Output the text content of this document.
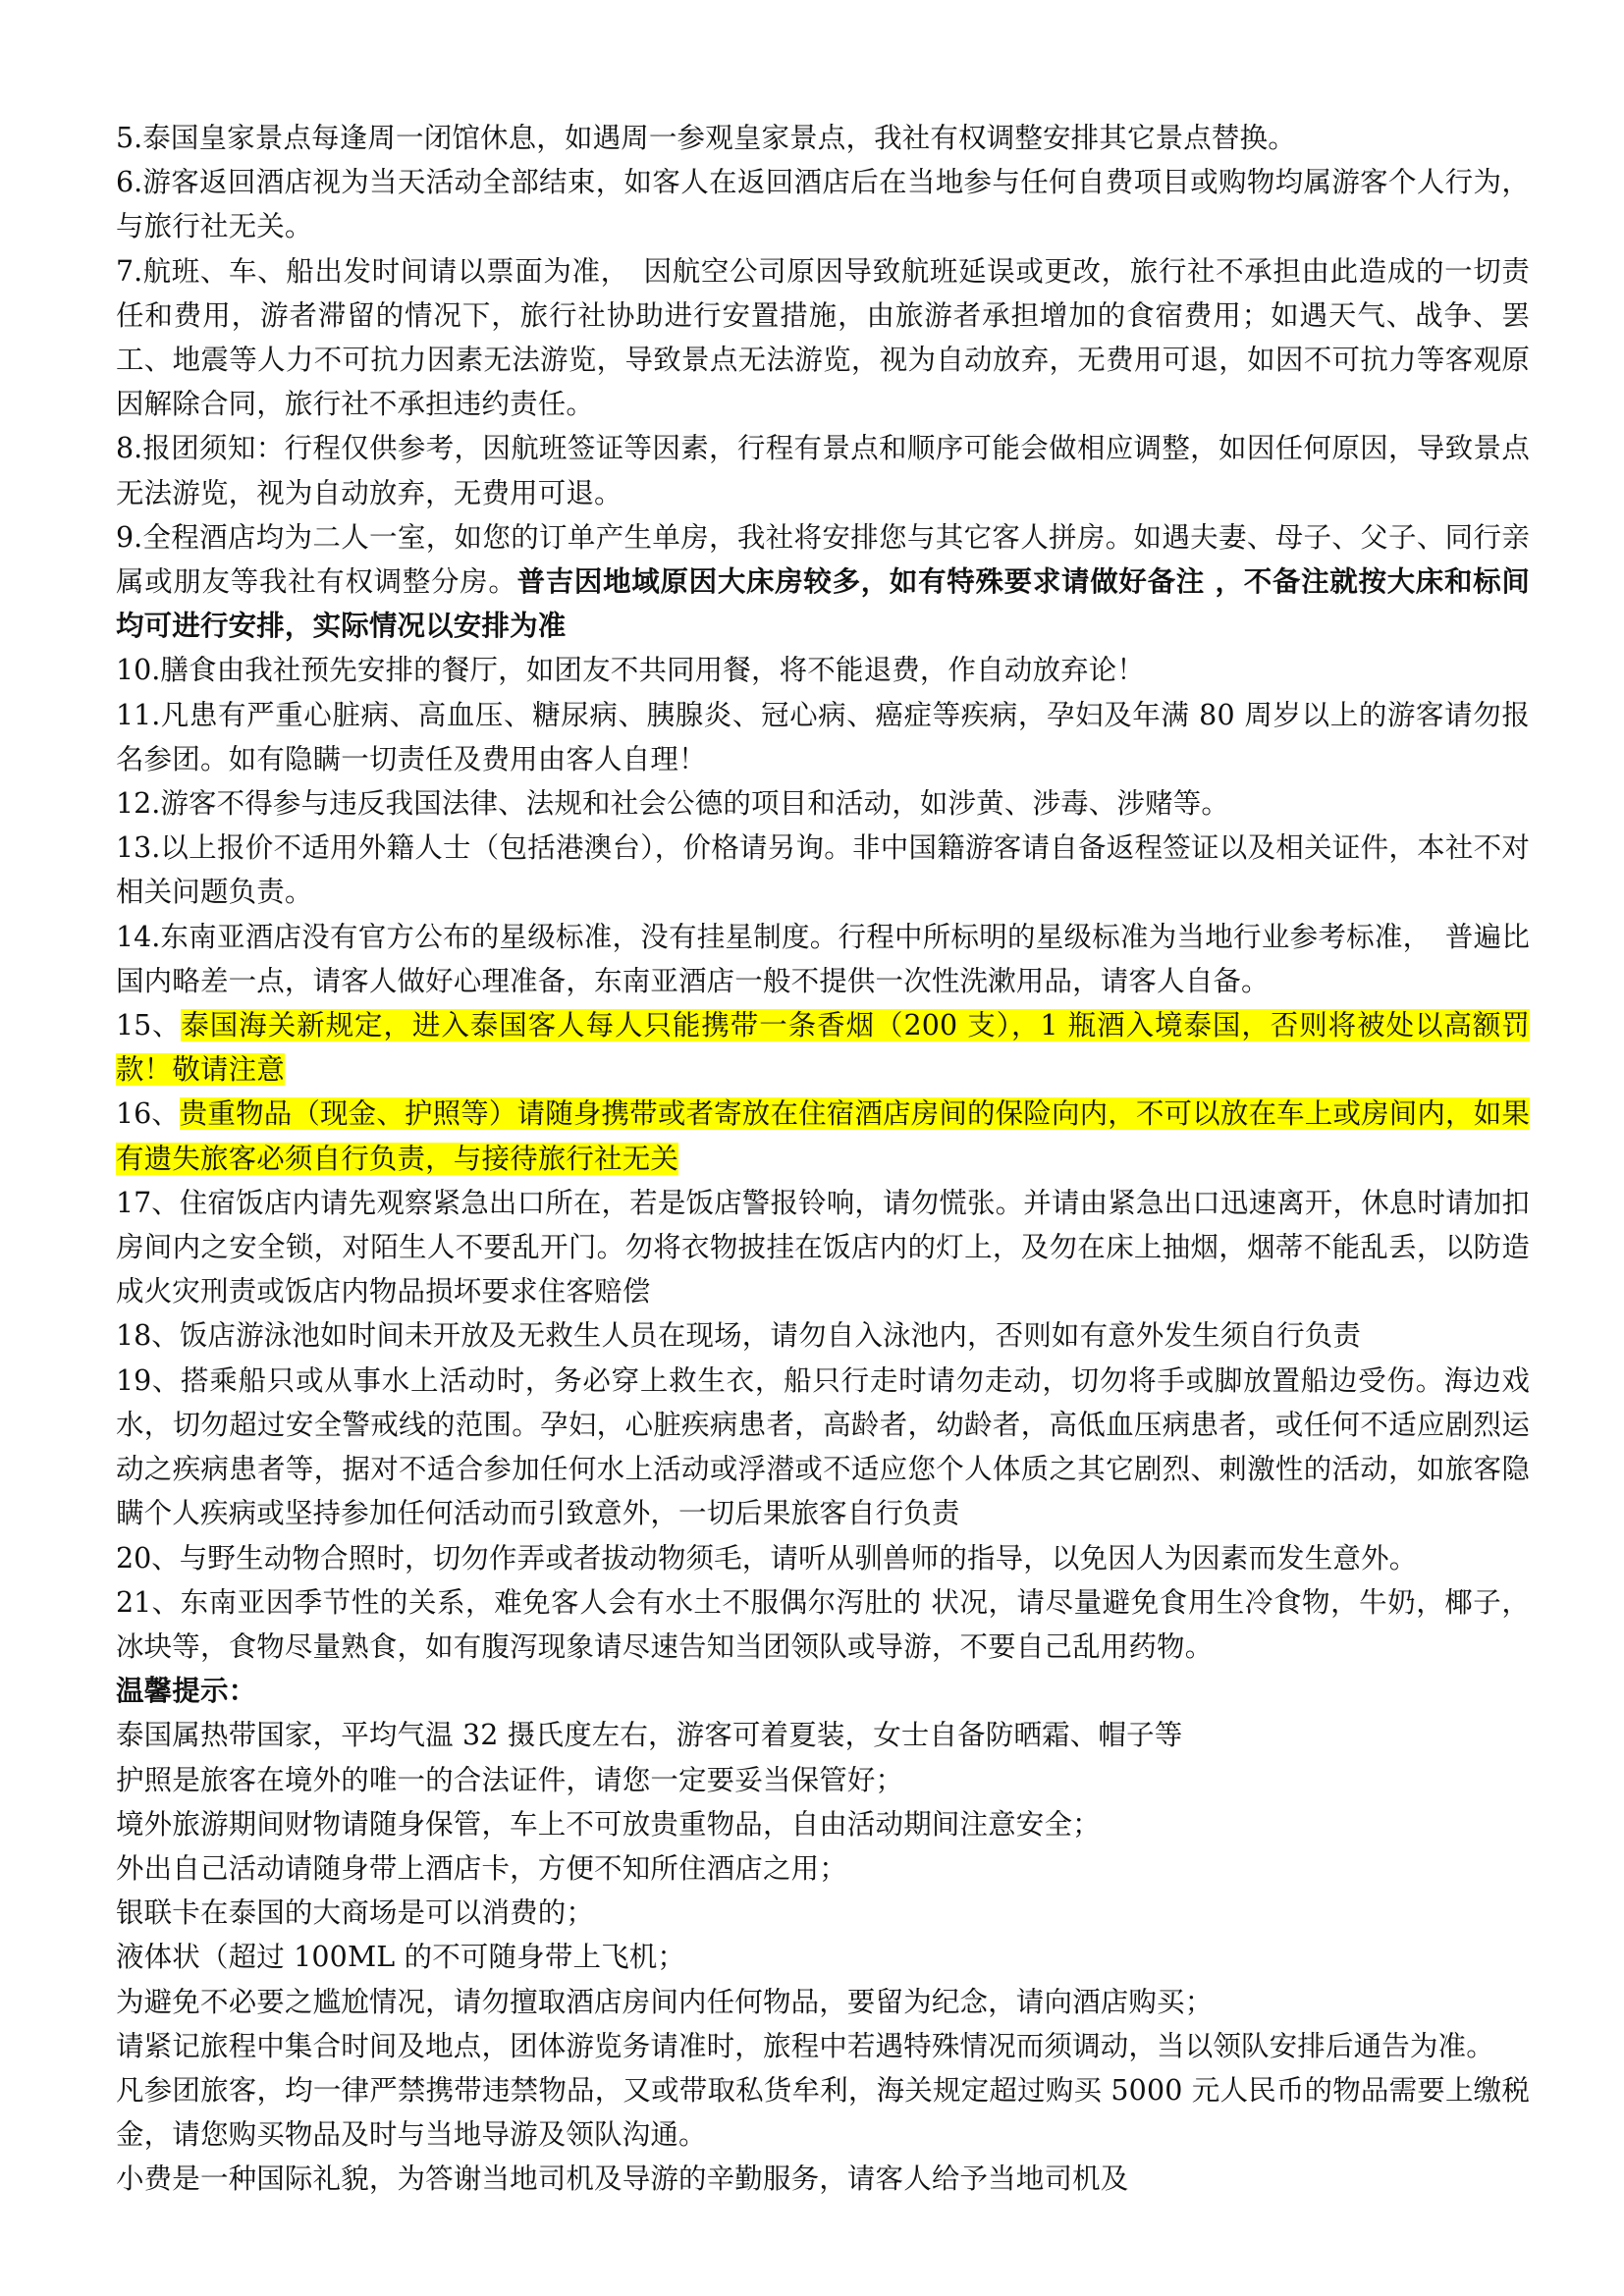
5.泰国皇家景点每逢周一闭馆休息，如遇周一参观皇家景点，我社有权调整安排其它景点替换。

6.游客返回酒店视为当天活动全部结束，如客人在返回酒店后在当地参与任何自费项目或购物均属游客个人行为，与旅行社无关。

7.航班、车、船出发时间请以票面为准，　因航空公司原因导致航班延误或更改，旅行社不承担由此造成的一切责任和费用，游者滞留的情况下，旅行社协助进行安置措施，由旅游者承担增加的食宿费用；如遇天气、战争、罢工、地震等人力不可抗力因素无法游览，导致景点无法游览，视为自动放弃，无费用可退，如因不可抗力等客观原因解除合同，旅行社不承担违约责任。

8.报团须知：行程仅供参考，因航班签证等因素，行程有景点和顺序可能会做相应调整，如因任何原因，导致景点无法游览，视为自动放弃，无费用可退。

9.全程酒店均为二人一室，如您的订单产生单房，我社将安排您与其它客人拼房。如遇夫妻、母子、父子、同行亲属或朋友等我社有权调整分房。普吉因地域原因大床房较多，如有特殊要求请做好备注 ，不备注就按大床和标间均可进行安排，实际情况以安排为准

10.膳食由我社预先安排的餐厅，如团友不共同用餐，将不能退费，作自动放弃论！

11.凡患有严重心脏病、高血压、糖尿病、胰腺炎、冠心病、癌症等疾病，孕妇及年满 80 周岁以上的游客请勿报名参团。如有隐瞒一切责任及费用由客人自理！

12.游客不得参与违反我国法律、法规和社会公德的项目和活动，如涉黄、涉毒、涉赌等。

13.以上报价不适用外籍人士（包括港澳台），价格请另询。非中国籍游客请自备返程签证以及相关证件，本社不对相关问题负责。

14.东南亚酒店没有官方公布的星级标准，没有挂星制度。行程中所标明的星级标准为当地行业参考标准，　普遍比国内略差一点，请客人做好心理准备，东南亚酒店一般不提供一次性洗漱用品，请客人自备。

15、泰国海关新规定，进入泰国客人每人只能携带一条香烟（200 支），1 瓶酒入境泰国，否则将被处以高额罚款！敬请注意

16、贵重物品（现金、护照等）请随身携带或者寄放在住宿酒店房间的保险向内，不可以放在车上或房间内，如果有遗失旅客必须自行负责，与接待旅行社无关

17、住宿饭店内请先观察紧急出口所在，若是饭店警报铃响，请勿慌张。并请由紧急出口迅速离开，休息时请加扣房间内之安全锁，对陌生人不要乱开门。勿将衣物披挂在饭店内的灯上，及勿在床上抽烟，烟蒂不能乱丢，以防造成火灾刑责或饭店内物品损坏要求住客赔偿

18、饭店游泳池如时间未开放及无救生人员在现场，请勿自入泳池内，否则如有意外发生须自行负责

19、搭乘船只或从事水上活动时，务必穿上救生衣，船只行走时请勿走动，切勿将手或脚放置船边受伤。海边戏水，切勿超过安全警戒线的范围。孕妇，心脏疾病患者，高龄者，幼龄者，高低血压病患者，或任何不适应剧烈运动之疾病患者等，据对不适合参加任何水上活动或浮潜或不适应您个人体质之其它剧烈、刺激性的活动，如旅客隐瞒个人疾病或坚持参加任何活动而引致意外，一切后果旅客自行负责

20、与野生动物合照时，切勿作弄或者拔动物须毛，请听从驯兽师的指导，以免因人为因素而发生意外。

21、东南亚因季节性的关系，难免客人会有水土不服偶尔泻肚的 状况，请尽量避免食用生冷食物，牛奶，椰子，冰块等，食物尽量熟食，如有腹泻现象请尽速告知当团领队或导游，不要自己乱用药物。

温馨提示：

泰国属热带国家，平均气温 32 摄氏度左右，游客可着夏装，女士自备防晒霜、帽子等

护照是旅客在境外的唯一的合法证件，请您一定要妥当保管好；

境外旅游期间财物请随身保管，车上不可放贵重物品，自由活动期间注意安全；

外出自己活动请随身带上酒店卡，方便不知所住酒店之用；

银联卡在泰国的大商场是可以消费的；

液体状（超过 100ML 的不可随身带上飞机；

为避免不必要之尴尬情况，请勿擅取酒店房间内任何物品，要留为纪念，请向酒店购买；

请紧记旅程中集合时间及地点，团体游览务请准时，旅程中若遇特殊情况而须调动，当以领队安排后通告为准。

凡参团旅客，均一律严禁携带违禁物品，又或带取私货牟利，海关规定超过购买 5000 元人民币的物品需要上缴税金，请您购买物品及时与当地导游及领队沟通。

小费是一种国际礼貌，为答谢当地司机及导游的辛勤服务，请客人给予当地司机及
